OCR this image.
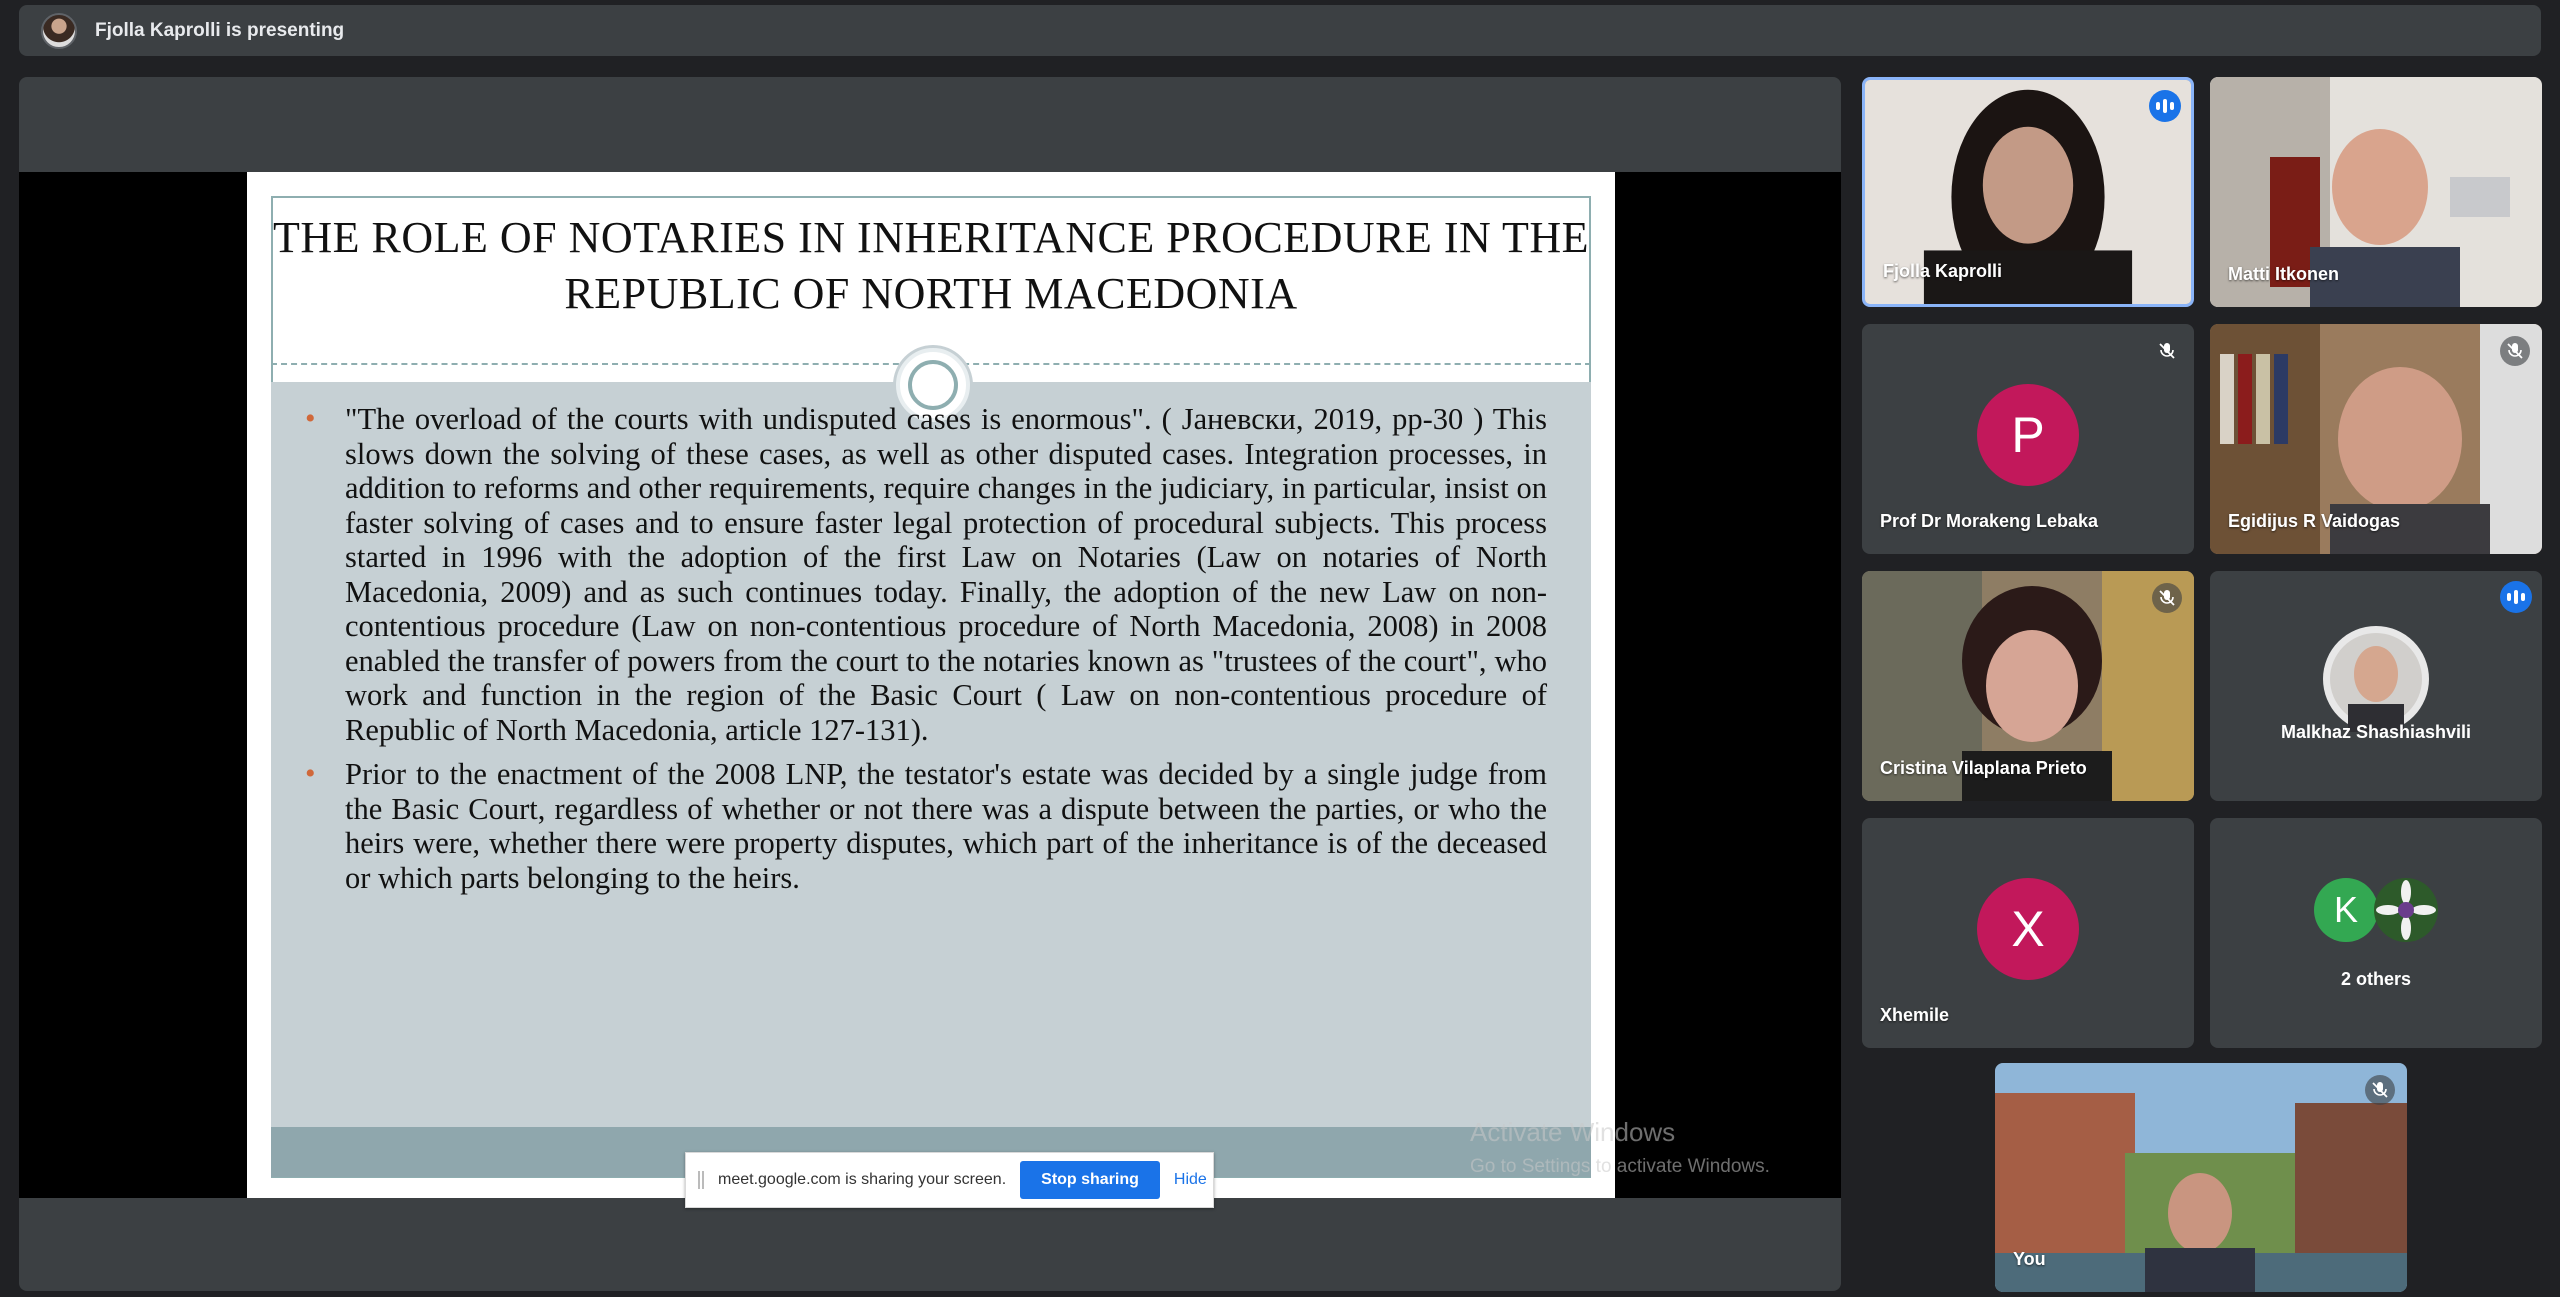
Fjolla Kaprolli is presenting
THE ROLE OF NOTARIES IN INHERITANCE PROCEDURE IN THE REPUBLIC OF NORTH MACEDONIA
• "The overload of the courts with undisputed cases is enormous". ( Јаневски, 2019, pp-30 ) This slows down the solving of these cases, as well as other disputed cases. Integration processes, in addition to reforms and other requirements, require changes in the judiciary, in particular, insist on faster solving of cases and to ensure faster legal protection of procedural subjects. This process started in 1996 with the adoption of the first Law on Notaries (Law on notaries of North Macedonia, 2009) and as such continues today. Finally, the adoption of the new Law on non-contentious procedure (Law on non-contentious procedure of North Macedonia, 2008) in 2008 enabled the transfer of powers from the court to the notaries known as "trustees of the court", who work and function in the region of the Basic Court ( Law on non-contentious procedure of Republic of North Macedonia, article 127-131).
• Prior to the enactment of the 2008 LNP, the testator's estate was decided by a single judge from the Basic Court, regardless of whether or not there was a dispute between the parties, or who the heirs were, whether there were property disputes, which part of the inheritance is of the deceased or which parts belonging to the heirs.
meet.google.com is sharing your screen.	Stop sharing	Hide
Activate Windows
Go to Settings to activate Windows.
Fjolla Kaprolli	Matti Itkonen
P
Prof Dr Morakeng Lebaka	Egidijus R Vaidogas
Cristina Vilaplana Prieto
Malkhaz Shashiashvili
X
Xhemile
K
2 others
You
